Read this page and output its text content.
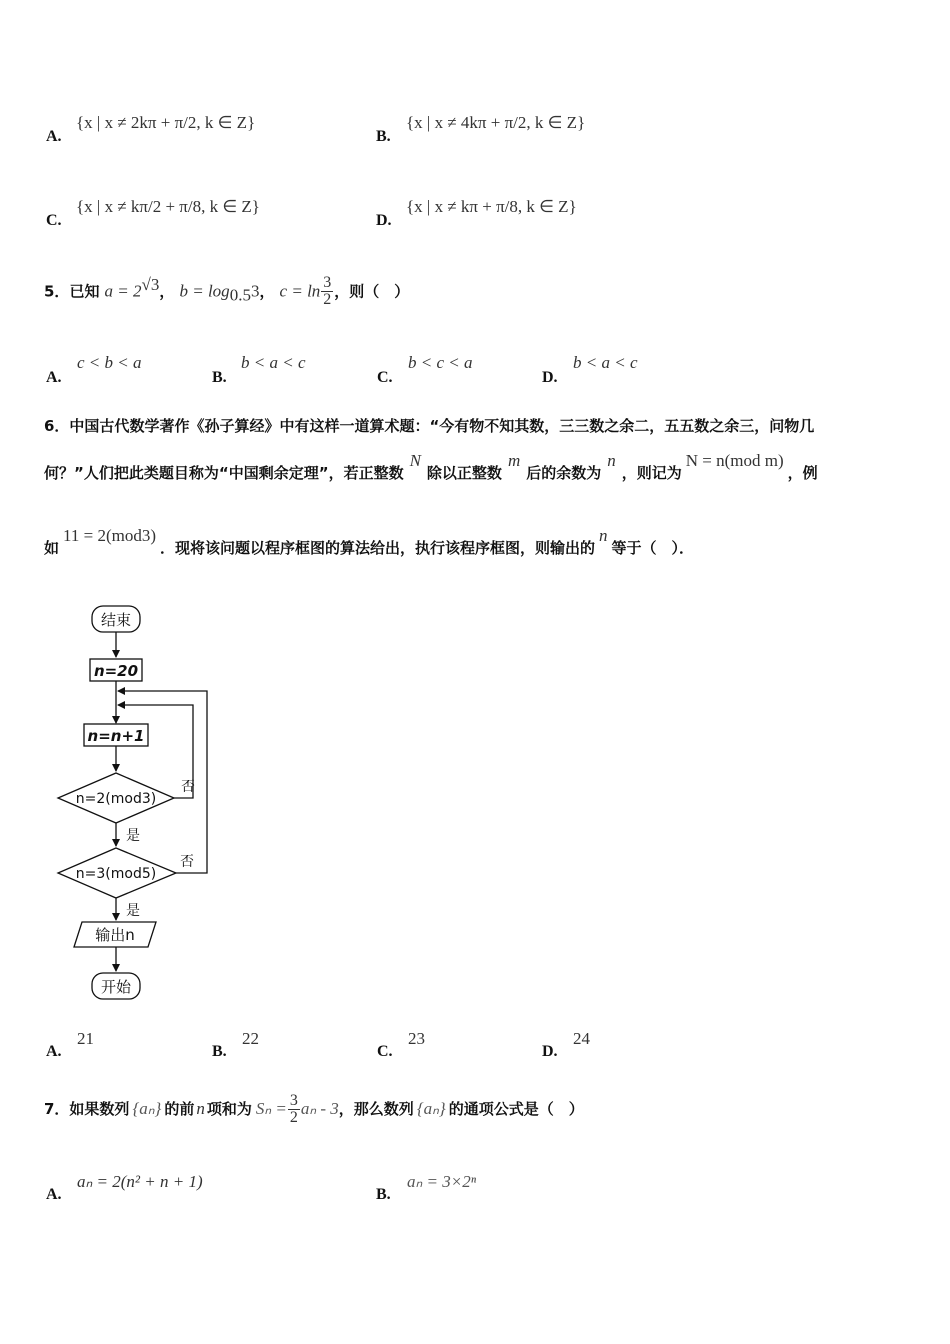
A.
{x | x ≠ 2kπ + π/2, k ∈ Z}
B.
{x | x ≠ 4kπ + π/2, k ∈ Z}
C.
{x | x ≠ kπ/2 + π/8, k ∈ Z}
D.
{x | x ≠ kπ + π/8, k ∈ Z}
5．已知 $a = 2^{√3}$， $b = \log_{0.5}3$， $c = \ln \frac{3}{2}$ ，则（　）
A.
c < b < a
B.
b < a < c
C.
b < c < a
D.
b < a < c
6．中国古代数学著作《孙子算经》中有这样一道算术题：“今有物不知其数，三三数之余二，五五数之余三，问物几
何？”人们把此类题目称为“中国剩余定理”，若正整数N除以正整数m后的余数为n，则记为N = n(mod m)，例
如11 = 2(mod3)．现将该问题以程序框图的算法给出，执行该程序框图，则输出的n等于（　）．
结束
n=20
n=n+1
n=2(mod3)
否
是
n=3(mod5)
否
是
输出n
开始
A.
21
B.
22
C.
23
D.
24
7．如果数列 {aₙ} 的前 n 项和为 $S_n = \frac{3}{2}$ aₙ - 3，那么数列 {aₙ} 的通项公式是（　）
A.
aₙ = 2(n² + n + 1)
B.
aₙ = 3×2ⁿ
